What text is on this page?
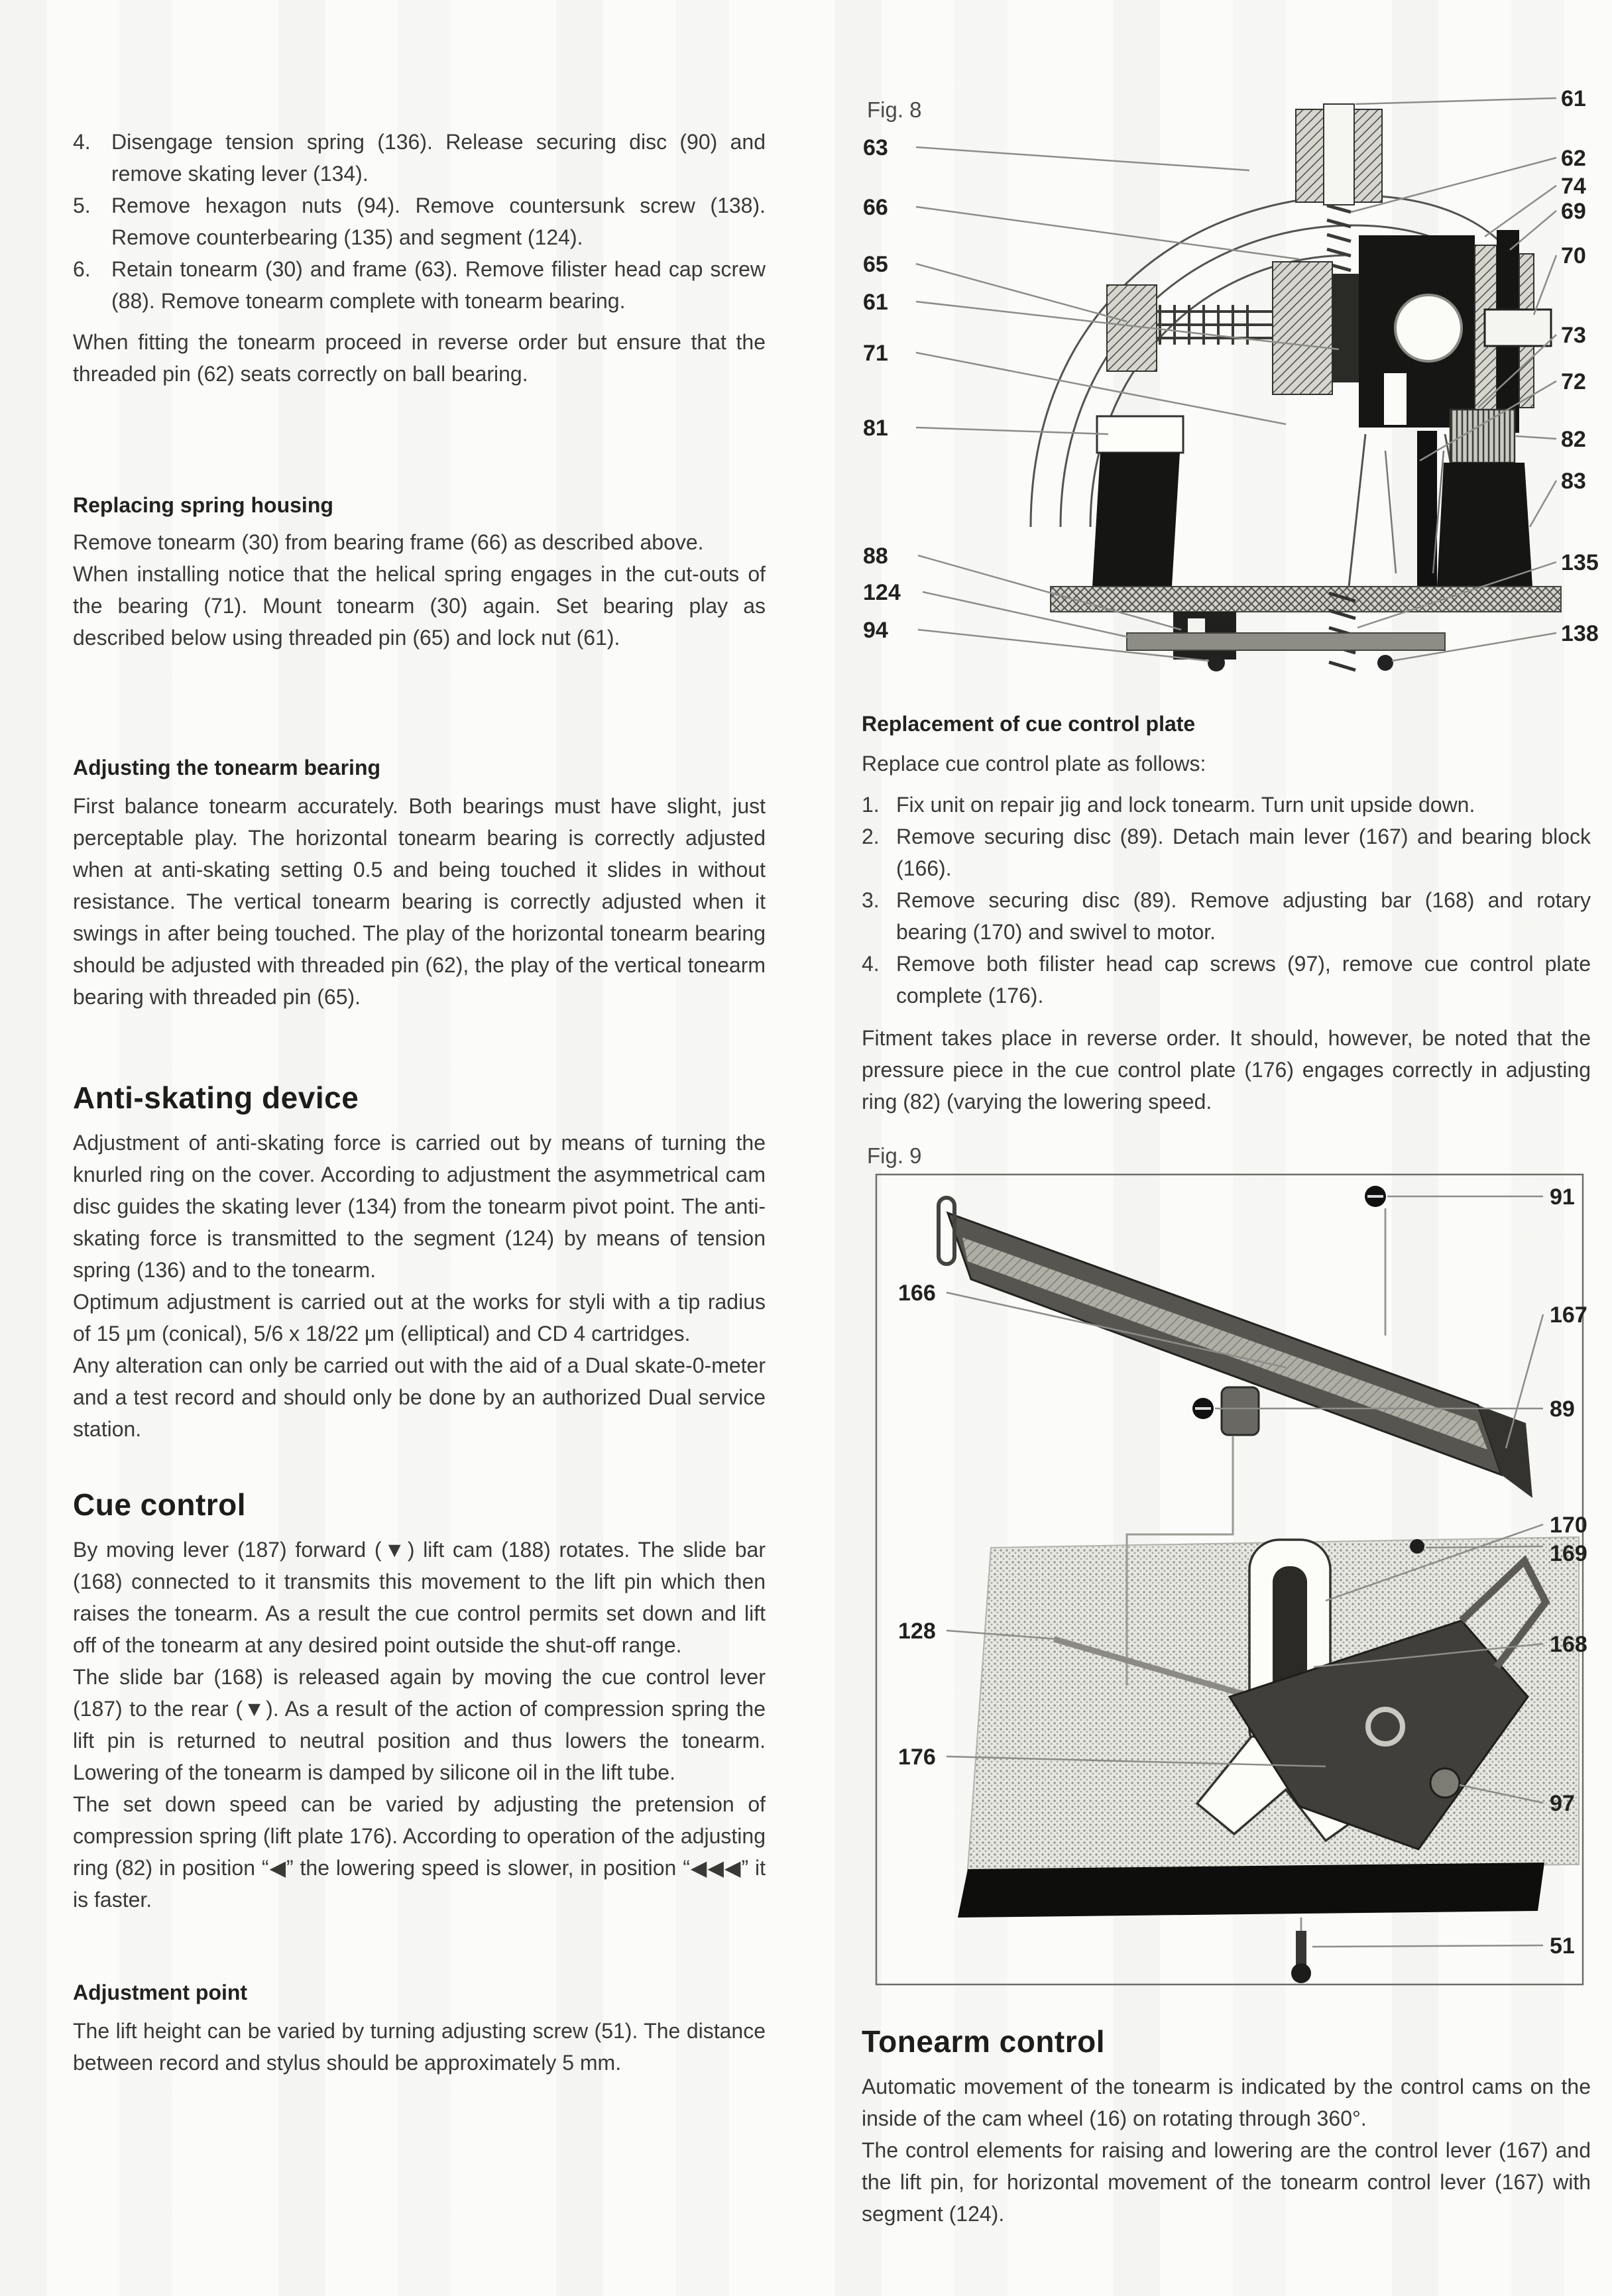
4. Disengage tension spring (136). Release securing disc (90) and remove skating lever (134).
5. Remove hexagon nuts (94). Remove countersunk screw (138). Remove counterbearing (135) and segment (124).
6. Retain tonearm (30) and frame (63). Remove filister head cap screw (88). Remove tonearm complete with tonearm bearing.

When fitting the tonearm proceed in reverse order but ensure that the threaded pin (62) seats correctly on ball bearing.

Replacing spring housing

Remove tonearm (30) from bearing frame (66) as described above.

When installing notice that the helical spring engages in the cut-outs of the bearing (71). Mount tonearm (30) again. Set bearing play as described below using threaded pin (65) and lock nut (61).

Adjusting the tonearm bearing

First balance tonearm accurately. Both bearings must have slight, just perceptable play. The horizontal tonearm bearing is correctly adjusted when at anti-skating setting 0.5 and being touched it slides in without resistance. The vertical tonearm bearing is correctly adjusted when it swings in after being touched. The play of the horizontal tonearm bearing should be adjusted with threaded pin (62), the play of the vertical tonearm bearing with threaded pin (65).

Anti-skating device

Adjustment of anti-skating force is carried out by means of turning the knurled ring on the cover. According to adjustment the asymmetrical cam disc guides the skating lever (134) from the tonearm pivot point. The anti-skating force is transmitted to the segment (124) by means of tension spring (136) and to the tonearm.

Optimum adjustment is carried out at the works for styli with a tip radius of 15 μm (conical), 5/6 x 18/22 μm (elliptical) and CD 4 cartridges.

Any alteration can only be carried out with the aid of a Dual skate-0-meter and a test record and should only be done by an authorized Dual service station.

Cue control

By moving lever (187) forward (▼) lift cam (188) rotates. The slide bar (168) connected to it transmits this movement to the lift pin which then raises the tonearm. As a result the cue control permits set down and lift off of the tonearm at any desired point outside the shut-off range.

The slide bar (168) is released again by moving the cue control lever (187) to the rear (▼). As a result of the action of compression spring the lift pin is returned to neutral position and thus lowers the tonearm. Lowering of the tonearm is damped by silicone oil in the lift tube.

The set down speed can be varied by adjusting the pretension of compression spring (lift plate 176). According to operation of the adjusting ring (82) in position “◀” the lowering speed is slower, in position “◀◀◀” it is faster.

Adjustment point

The lift height can be varied by turning adjusting screw (51). The distance between record and stylus should be approximately 5 mm.

Fig. 8
63
66
65
61
71
81
88
124
94
61
62
74
69
70
73
72
82
83
135
138
Replacement of cue control plate

Replace cue control plate as follows:

1. Fix unit on repair jig and lock tonearm. Turn unit upside down.
2. Remove securing disc (89). Detach main lever (167) and bearing block (166).
3. Remove securing disc (89). Remove adjusting bar (168) and rotary bearing (170) and swivel to motor.
4. Remove both filister head cap screws (97), remove cue control plate complete (176).

Fitment takes place in reverse order. It should, however, be noted that the pressure piece in the cue control plate (176) engages correctly in adjusting ring (82) (varying the lowering speed.

Fig. 9
91
167
89
170
169
168
97
51
166
128
176
Tonearm control

Automatic movement of the tonearm is indicated by the control cams on the inside of the cam wheel (16) on rotating through 360°.

The control elements for raising and lowering are the control lever (167) and the lift pin, for horizontal movement of the tonearm control lever (167) with segment (124).
